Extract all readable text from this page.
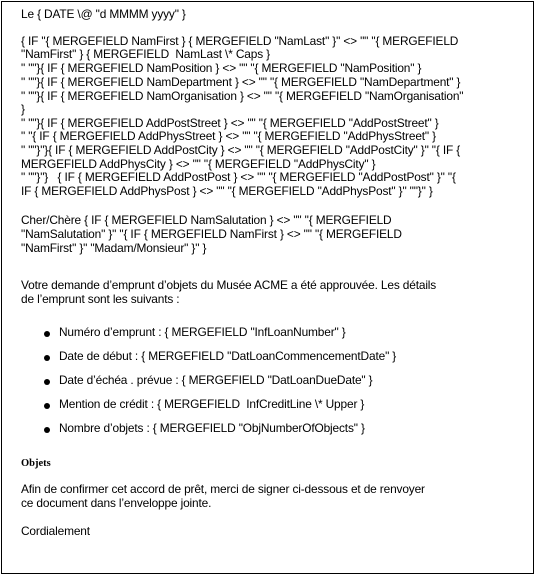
Le { DATE \@ "d MMMM yyyy" }
{ IF "{ MERGEFIELD NamFirst } { MERGEFIELD "NamLast" }" <> "" "{ MERGEFIELD
"NamFirst" } { MERGEFIELD  NamLast \* Caps }
" ""}{ IF { MERGEFIELD NamPosition } <> "" "{ MERGEFIELD "NamPosition" }
" ""}{ IF { MERGEFIELD NamDepartment } <> "" "{ MERGEFIELD "NamDepartment" }
" ""}{ IF { MERGEFIELD NamOrganisation } <> "" "{ MERGEFIELD "NamOrganisation"
}
" ""}{ IF { MERGEFIELD AddPostStreet } <> "" "{ MERGEFIELD "AddPostStreet" }
" "{ IF { MERGEFIELD AddPhysStreet } <> "" "{ MERGEFIELD "AddPhysStreet" }
" ""}"}{ IF { MERGEFIELD AddPostCity } <> "" "{ MERGEFIELD "AddPostCity" }" "{ IF {
MERGEFIELD AddPhysCity } <> "" "{ MERGEFIELD "AddPhysCity" }
" ""}"}   { IF { MERGEFIELD AddPostPost } <> "" "{ MERGEFIELD "AddPostPost" }" "{
IF { MERGEFIELD AddPhysPost } <> "" "{ MERGEFIELD "AddPhysPost" }" ""}" }
Cher/Chère { IF { MERGEFIELD NamSalutation } <> "" "{ MERGEFIELD
"NamSalutation" }" "{ IF { MERGEFIELD NamFirst } <> "" "{ MERGEFIELD
"NamFirst" }" "Madam/Monsieur" }" }
Votre demande d’emprunt d’objets du Musée ACME a été approuvée. Les détails
de l’emprunt sont les suivants :
Numéro d’emprunt : { MERGEFIELD "InfLoanNumber" }
Date de début : { MERGEFIELD "DatLoanCommencementDate" }
Date d’échéa . prévue : { MERGEFIELD "DatLoanDueDate" }
Mention de crédit : { MERGEFIELD  InfCreditLine \* Upper }
Nombre d’objets : { MERGEFIELD "ObjNumberOfObjects" }
Objets
Afin de confirmer cet accord de prêt, merci de signer ci-dessous et de renvoyer
ce document dans l’enveloppe jointe.
Cordialement
